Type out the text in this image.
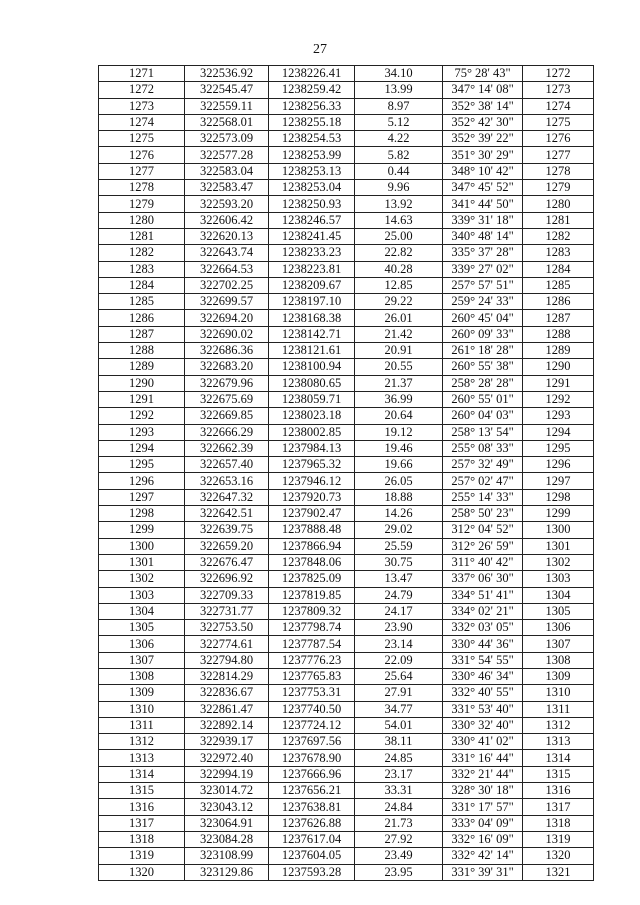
27
1271	322536.92	1238226.41	34.10	75° 28' 43"	1272
1272	322545.47	1238259.42	13.99	347° 14' 08"	1273
1273	322559.11	1238256.33	8.97	352° 38' 14"	1274
1274	322568.01	1238255.18	5.12	352° 42' 30"	1275
1275	322573.09	1238254.53	4.22	352° 39' 22"	1276
1276	322577.28	1238253.99	5.82	351° 30' 29"	1277
1277	322583.04	1238253.13	0.44	348° 10' 42"	1278
1278	322583.47	1238253.04	9.96	347° 45' 52"	1279
1279	322593.20	1238250.93	13.92	341° 44' 50"	1280
1280	322606.42	1238246.57	14.63	339° 31' 18"	1281
1281	322620.13	1238241.45	25.00	340° 48' 14"	1282
1282	322643.74	1238233.23	22.82	335° 37' 28"	1283
1283	322664.53	1238223.81	40.28	339° 27' 02"	1284
1284	322702.25	1238209.67	12.85	257° 57' 51"	1285
1285	322699.57	1238197.10	29.22	259° 24' 33"	1286
1286	322694.20	1238168.38	26.01	260° 45' 04"	1287
1287	322690.02	1238142.71	21.42	260° 09' 33"	1288
1288	322686.36	1238121.61	20.91	261° 18' 28"	1289
1289	322683.20	1238100.94	20.55	260° 55' 38"	1290
1290	322679.96	1238080.65	21.37	258° 28' 28"	1291
1291	322675.69	1238059.71	36.99	260° 55' 01"	1292
1292	322669.85	1238023.18	20.64	260° 04' 03"	1293
1293	322666.29	1238002.85	19.12	258° 13' 54"	1294
1294	322662.39	1237984.13	19.46	255° 08' 33"	1295
1295	322657.40	1237965.32	19.66	257° 32' 49"	1296
1296	322653.16	1237946.12	26.05	257° 02' 47"	1297
1297	322647.32	1237920.73	18.88	255° 14' 33"	1298
1298	322642.51	1237902.47	14.26	258° 50' 23"	1299
1299	322639.75	1237888.48	29.02	312° 04' 52"	1300
1300	322659.20	1237866.94	25.59	312° 26' 59"	1301
1301	322676.47	1237848.06	30.75	311° 40' 42"	1302
1302	322696.92	1237825.09	13.47	337° 06' 30"	1303
1303	322709.33	1237819.85	24.79	334° 51' 41"	1304
1304	322731.77	1237809.32	24.17	334° 02' 21"	1305
1305	322753.50	1237798.74	23.90	332° 03' 05"	1306
1306	322774.61	1237787.54	23.14	330° 44' 36"	1307
1307	322794.80	1237776.23	22.09	331° 54' 55"	1308
1308	322814.29	1237765.83	25.64	330° 46' 34"	1309
1309	322836.67	1237753.31	27.91	332° 40' 55"	1310
1310	322861.47	1237740.50	34.77	331° 53' 40"	1311
1311	322892.14	1237724.12	54.01	330° 32' 40"	1312
1312	322939.17	1237697.56	38.11	330° 41' 02"	1313
1313	322972.40	1237678.90	24.85	331° 16' 44"	1314
1314	322994.19	1237666.96	23.17	332° 21' 44"	1315
1315	323014.72	1237656.21	33.31	328° 30' 18"	1316
1316	323043.12	1237638.81	24.84	331° 17' 57"	1317
1317	323064.91	1237626.88	21.73	333° 04' 09"	1318
1318	323084.28	1237617.04	27.92	332° 16' 09"	1319
1319	323108.99	1237604.05	23.49	332° 42' 14"	1320
1320	323129.86	1237593.28	23.95	331° 39' 31"	1321
